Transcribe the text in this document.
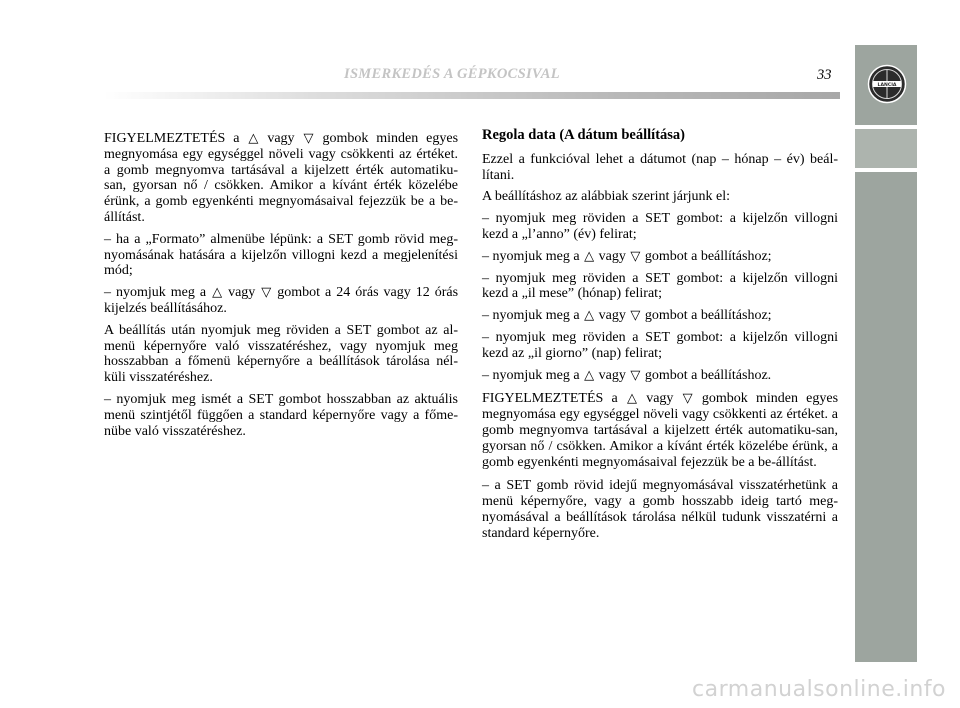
ISMERKEDÉS A GÉPKOCSIVAL	33
LANCIA
1	FIGYELMEZTETÉS a △ vagy ▽ gombok minden egyes megnyomása egy egységgel növeli vagy csökkenti az értéket. a gomb megnyomva tartásával a kijelzett érték automatiku-san, gyorsan nő / csökken. Amikor a kívánt érték közelébe érünk, a gomb egyenkénti megnyomásaival fejezzük be a be-állítást.

– ha a „Formato” almenübe lépünk: a SET gomb rövid meg-nyomásának hatására a kijelzőn villogni kezd a megjelenítési mód;

– nyomjuk meg a △ vagy ▽ gombot a 24 órás vagy 12 órás kijelzés beállításához.

A beállítás után nyomjuk meg röviden a SET gombot az al-menü képernyőre való visszatéréshez, vagy nyomjuk meg hosszabban a főmenü képernyőre a beállítások tárolása nél-küli visszatéréshez.

– nyomjuk meg ismét a SET gombot hosszabban az aktuális menü szintjétől függően a standard képernyőre vagy a főme-nübe való visszatéréshez.

Regola data (A dátum beállítása)

Ezzel a funkcióval lehet a dátumot (nap – hónap – év) beál-lítani.

A beállításhoz az alábbiak szerint járjunk el:

– nyomjuk meg röviden a SET gombot: a kijelzőn villogni kezd a „l’anno” (év) felirat;

– nyomjuk meg a △ vagy ▽ gombot a beállításhoz;

– nyomjuk meg röviden a SET gombot: a kijelzőn villogni kezd a „il mese” (hónap) felirat;

– nyomjuk meg a △ vagy ▽ gombot a beállításhoz;

– nyomjuk meg röviden a SET gombot: a kijelzőn villogni kezd az „il giorno” (nap) felirat;

– nyomjuk meg a △ vagy ▽ gombot a beállításhoz.

FIGYELMEZTETÉS a △ vagy ▽ gombok minden egyes megnyomása egy egységgel növeli vagy csökkenti az értéket. a gomb megnyomva tartásával a kijelzett érték automatiku-san, gyorsan nő / csökken. Amikor a kívánt érték közelébe érünk, a gomb egyenkénti megnyomásaival fejezzük be a be-állítást.

– a SET gomb rövid idejű megnyomásával visszatérhetünk a menü képernyőre, vagy a gomb hosszabb ideig tartó meg-nyomásával a beállítások tárolása nélkül tudunk visszatérni a standard képernyőre.

carmanualsonline.info
